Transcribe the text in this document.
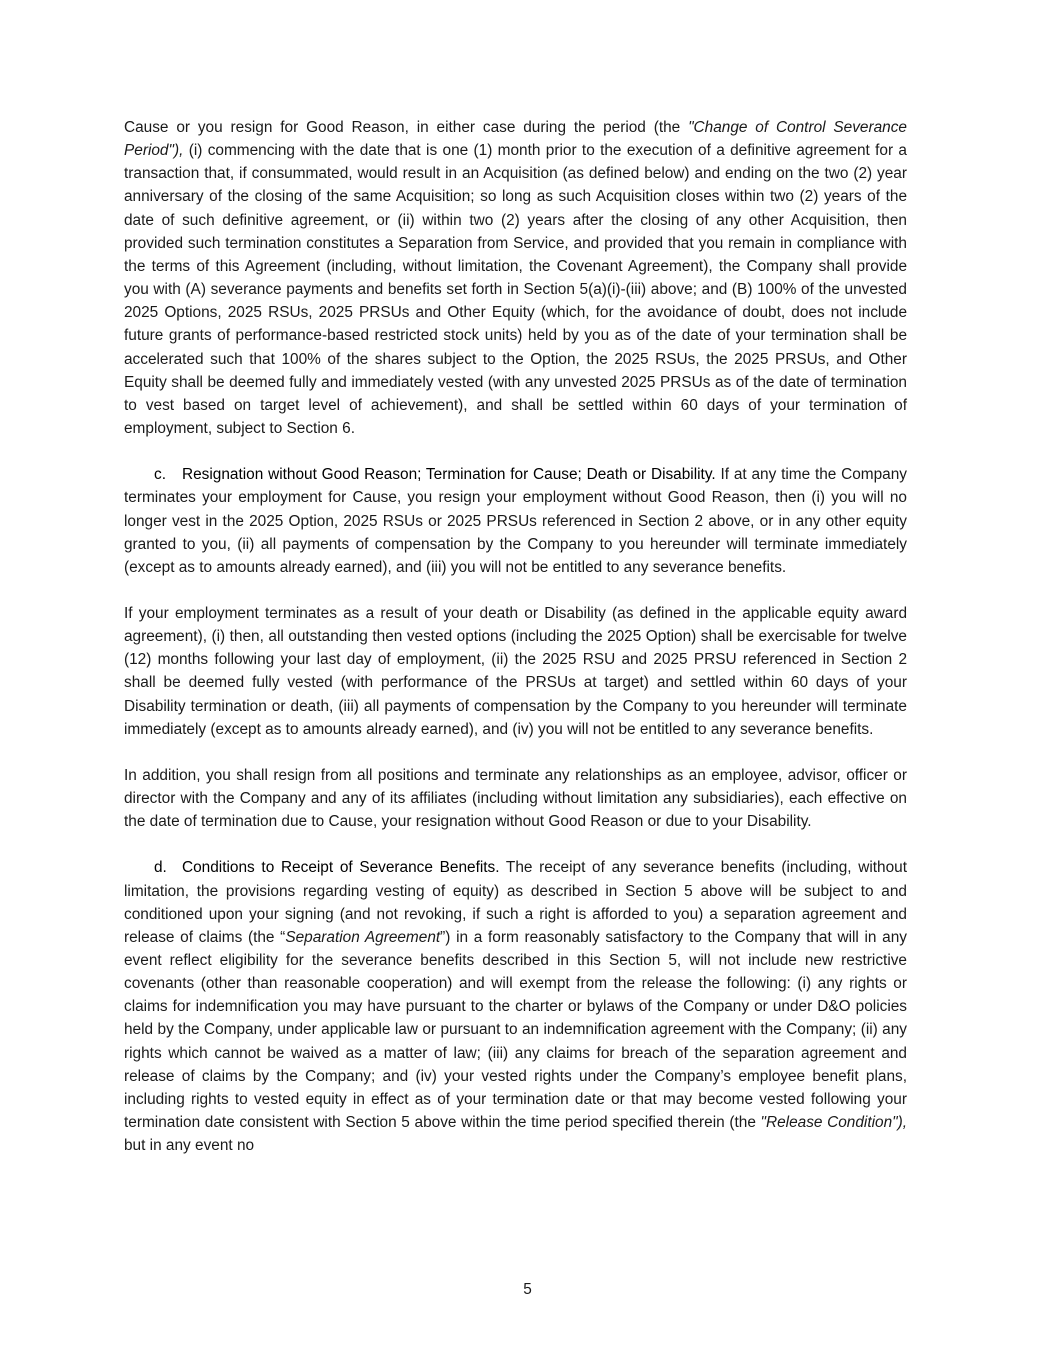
Cause or you resign for Good Reason, in either case during the period (the "Change of Control Severance Period"), (i) commencing with the date that is one (1) month prior to the execution of a definitive agreement for a transaction that, if consummated, would result in an Acquisition (as defined below) and ending on the two (2) year anniversary of the closing of the same Acquisition; so long as such Acquisition closes within two (2) years of the date of such definitive agreement, or (ii) within two (2) years after the closing of any other Acquisition, then provided such termination constitutes a Separation from Service, and provided that you remain in compliance with the terms of this Agreement (including, without limitation, the Covenant Agreement), the Company shall provide you with (A) severance payments and benefits set forth in Section 5(a)(i)-(iii) above; and (B) 100% of the unvested 2025 Options, 2025 RSUs, 2025 PRSUs and Other Equity (which, for the avoidance of doubt, does not include future grants of performance-based restricted stock units) held by you as of the date of your termination shall be accelerated such that 100% of the shares subject to the Option, the 2025 RSUs, the 2025 PRSUs, and Other Equity shall be deemed fully and immediately vested (with any unvested 2025 PRSUs as of the date of termination to vest based on target level of achievement), and shall be settled within 60 days of your termination of employment, subject to Section 6.

c. Resignation without Good Reason; Termination for Cause; Death or Disability. If at any time the Company terminates your employment for Cause, you resign your employment without Good Reason, then (i) you will no longer vest in the 2025 Option, 2025 RSUs or 2025 PRSUs referenced in Section 2 above, or in any other equity granted to you, (ii) all payments of compensation by the Company to you hereunder will terminate immediately (except as to amounts already earned), and (iii) you will not be entitled to any severance benefits.

If your employment terminates as a result of your death or Disability (as defined in the applicable equity award agreement), (i) then, all outstanding then vested options (including the 2025 Option) shall be exercisable for twelve (12) months following your last day of employment, (ii) the 2025 RSU and 2025 PRSU referenced in Section 2 shall be deemed fully vested (with performance of the PRSUs at target) and settled within 60 days of your Disability termination or death, (iii) all payments of compensation by the Company to you hereunder will terminate immediately (except as to amounts already earned), and (iv) you will not be entitled to any severance benefits.

In addition, you shall resign from all positions and terminate any relationships as an employee, advisor, officer or director with the Company and any of its affiliates (including without limitation any subsidiaries), each effective on the date of termination due to Cause, your resignation without Good Reason or due to your Disability.

d. Conditions to Receipt of Severance Benefits. The receipt of any severance benefits (including, without limitation, the provisions regarding vesting of equity) as described in Section 5 above will be subject to and conditioned upon your signing (and not revoking, if such a right is afforded to you) a separation agreement and release of claims (the “Separation Agreement”) in a form reasonably satisfactory to the Company that will in any event reflect eligibility for the severance benefits described in this Section 5, will not include new restrictive covenants (other than reasonable cooperation) and will exempt from the release the following: (i) any rights or claims for indemnification you may have pursuant to the charter or bylaws of the Company or under D&O policies held by the Company, under applicable law or pursuant to an indemnification agreement with the Company; (ii) any rights which cannot be waived as a matter of law; (iii) any claims for breach of the separation agreement and release of claims by the Company; and (iv) your vested rights under the Company’s employee benefit plans, including rights to vested equity in effect as of your termination date or that may become vested following your termination date consistent with Section 5 above within the time period specified therein (the "Release Condition"), but in any event no

5
